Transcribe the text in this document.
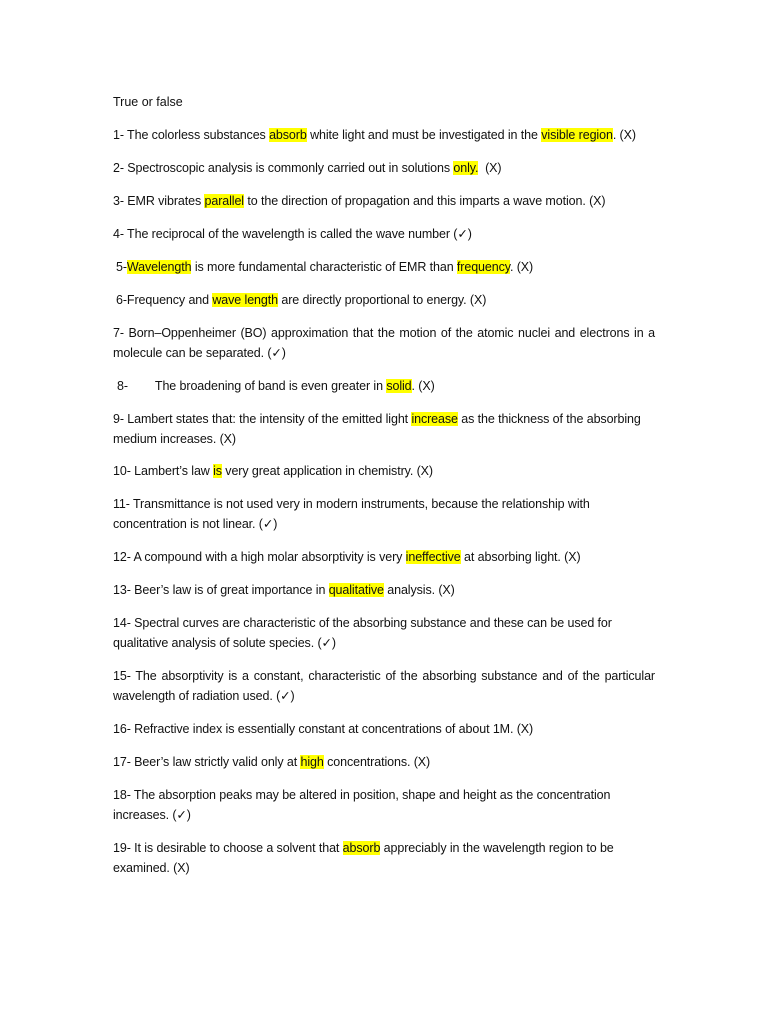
True or false
1- The colorless substances absorb white light and must be investigated in the visible region. (X)
2- Spectroscopic analysis is commonly carried out in solutions only.  (X)
3- EMR vibrates parallel to the direction of propagation and this imparts a wave motion. (X)
4- The reciprocal of the wavelength is called the wave number (✓)
5-Wavelength is more fundamental characteristic of EMR than frequency. (X)
6-Frequency and wave length are directly proportional to energy. (X)
7- Born–Oppenheimer (BO) approximation that the motion of the atomic nuclei and electrons in a molecule can be separated. (✓)
8- The broadening of band is even greater in solid. (X)
9- Lambert states that: the intensity of the emitted light increase as the thickness of the absorbing medium increases. (X)
10- Lambert’s law is very great application in chemistry. (X)
11- Transmittance is not used very in modern instruments, because the relationship with concentration is not linear. (✓)
12- A compound with a high molar absorptivity is very ineffective at absorbing light. (X)
13- Beer’s law is of great importance in qualitative analysis. (X)
14- Spectral curves are characteristic of the absorbing substance and these can be used for qualitative analysis of solute species. (✓)
15- The absorptivity is a constant, characteristic of the absorbing substance and of the particular wavelength of radiation used. (✓)
16- Refractive index is essentially constant at concentrations of about 1M. (X)
17- Beer’s law strictly valid only at high concentrations. (X)
18- The absorption peaks may be altered in position, shape and height as the concentration increases. (✓)
19- It is desirable to choose a solvent that absorb appreciably in the wavelength region to be examined. (X)
